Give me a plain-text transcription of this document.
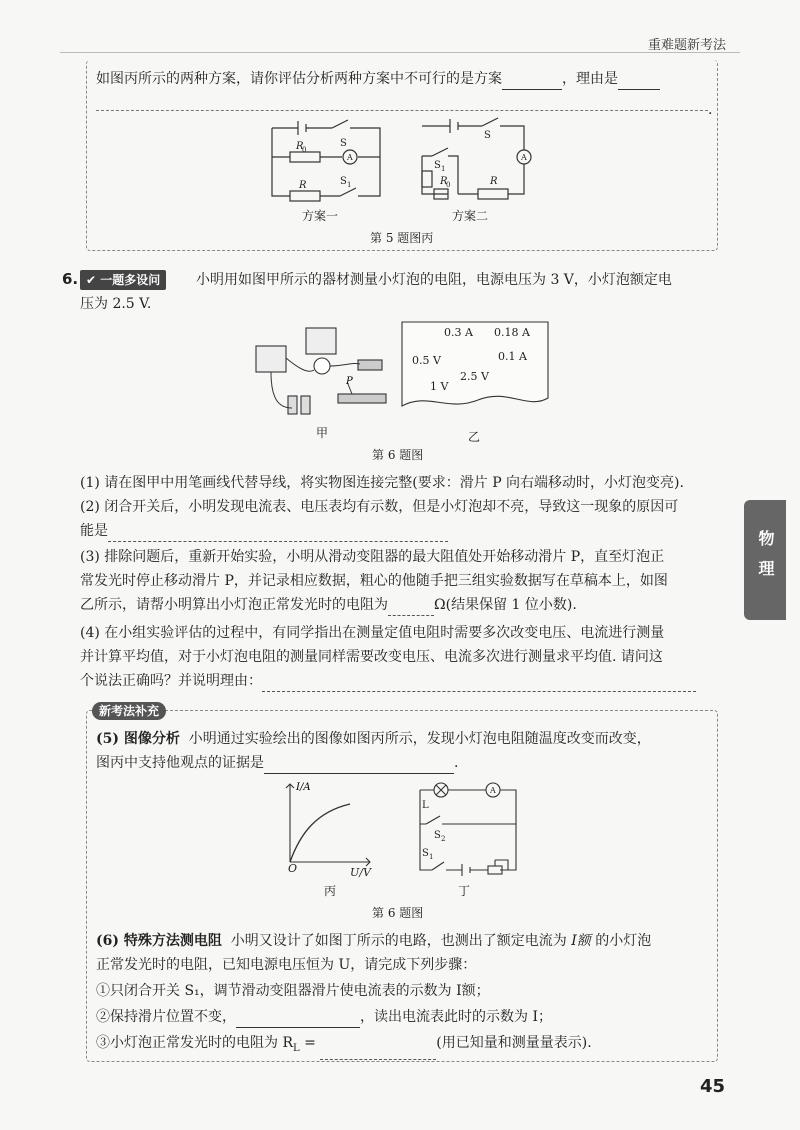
重难题新考法
如图丙所示的两种方案，请你评估分析两种方案中不可行的是方案	，理由是
.
S
R
0
A
R	S 1
S
S 1
A
R
0	R
方案一	方案二
第 5 题图丙
6. ✔ 一题多设问	小明用如图甲所示的器材测量小灯泡的电阻，电源电压为 3 V，小灯泡额定电
压为 2.5 V.
P
甲
0.3 A 0.18 A
0.5 V	0.1 A
2.5 V
1 V
乙
第 6 题图
(1) 请在图甲中用笔画线代替导线，将实物图连接完整(要求：滑片 P 向右端移动时，小灯泡变亮).
(2) 闭合开关后，小明发现电流表、电压表均有示数，但是小灯泡却不亮，导致这一现象的原因可
能是
(3) 排除问题后，重新开始实验，小明从滑动变阻器的最大阻值处开始移动滑片 P，直至灯泡正
常发光时停止移动滑片 P，并记录相应数据，粗心的他随手把三组实验数据写在草稿本上，如图
乙所示，请帮小明算出小灯泡正常发光时的电阻为	Ω(结果保留 1 位小数).
(4) 在小组实验评估的过程中，有同学指出在测量定值电阻时需要多次改变电压、电流进行测量
并计算平均值，对于小灯泡电阻的测量同样需要改变电压、电流多次进行测量求平均值. 请问这
个说法正确吗？并说明理由：
新考法补充
(5) 图像分析 小明通过实验绘出的图像如图丙所示，发现小灯泡电阻随温度改变而改变，
图丙中支持他观点的证据是	.
I/A
O	U/V
丙
L
A
S 2
S 1
丁
第 6 题图
(6) 特殊方法测电阻 小明又设计了如图丁所示的电路，也测出了额定电流为 I额 的小灯泡
正常发光时的电阻，已知电源电压恒为 U，请完成下列步骤：
①只闭合开关 S₁，调节滑动变阻器滑片使电流表的示数为 I额；
②保持滑片位置不变，	，读出电流表此时的示数为 I；
③小灯泡正常发光时的电阻为 $R_L$ =	(用已知量和测量量表示).
物理
45
